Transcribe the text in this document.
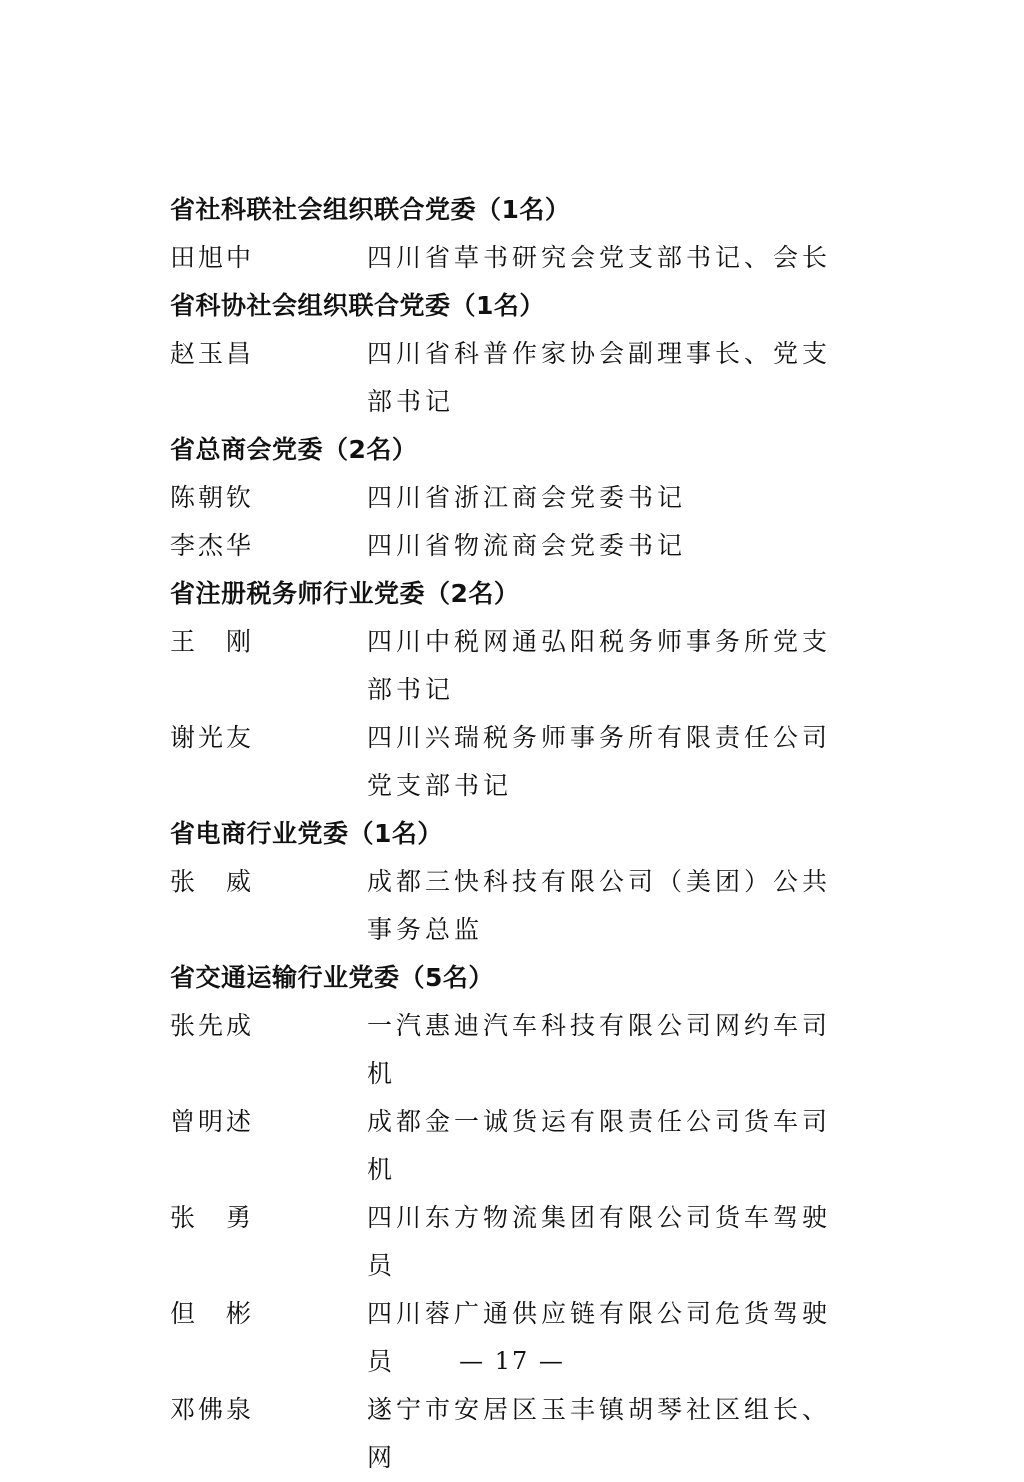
省社科联社会组织联合党委（1名）
田旭中	四川省草书研究会党支部书记、会长
省科协社会组织联合党委（1名）
赵玉昌	四川省科普作家协会副理事长、党支部书记
省总商会党委（2名）
陈朝钦	四川省浙江商会党委书记
李杰华	四川省物流商会党委书记
省注册税务师行业党委（2名）
王　刚	四川中税网通弘阳税务师事务所党支部书记
谢光友	四川兴瑞税务师事务所有限责任公司党支部书记
省电商行业党委（1名）
张　威	成都三快科技有限公司（美团）公共事务总监
省交通运输行业党委（5名）
张先成	一汽惠迪汽车科技有限公司网约车司机
曾明述	成都金一诚货运有限责任公司货车司机
张　勇	四川东方物流集团有限公司货车驾驶员
但　彬	四川蓉广通供应链有限公司危货驾驶员
邓佛泉	遂宁市安居区玉丰镇胡琴社区组长、网
— 17 —
